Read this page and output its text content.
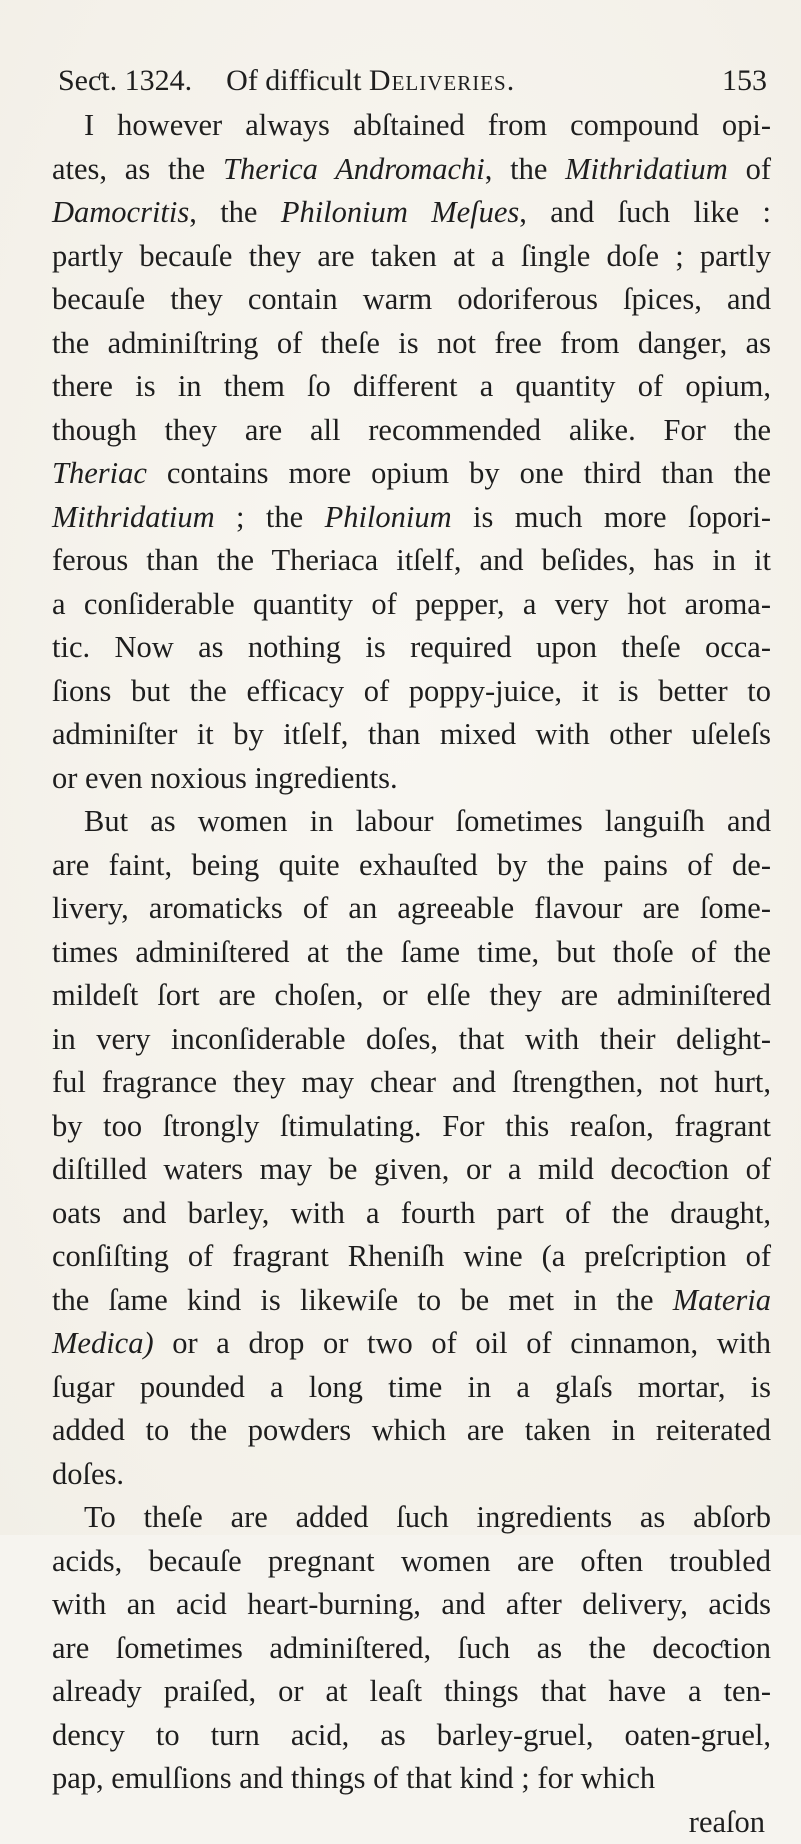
Seƈt. 1324. Of difficult Deliveries.	153
I however always abſtained from compound opi-
ates, as the Therica Andromachi, the Mithridatium of
Damocritis, the Philonium Meſues, and ſuch like :
partly becauſe they are taken at a ſingle doſe ; partly
becauſe they contain warm odoriferous ſpices, and
the adminiſtring of theſe is not free from danger, as
there is in them ſo different a quantity of opium,
though they are all recommended alike. For the
Theriac contains more opium by one third than the
Mithridatium ; the Philonium is much more ſopori-
ferous than the Theriaca itſelf, and beſides, has in it
a conſiderable quantity of pepper, a very hot aroma-
tic. Now as nothing is required upon theſe occa-
ſions but the efficacy of poppy-juice, it is better to
adminiſter it by itſelf, than mixed with other uſeleſs
or even noxious ingredients.
But as women in labour ſometimes languiſh and
are faint, being quite exhauſted by the pains of de-
livery, aromaticks of an agreeable flavour are ſome-
times adminiſtered at the ſame time, but thoſe of the
mildeſt ſort are choſen, or elſe they are adminiſtered
in very inconſiderable doſes, that with their delight-
ful fragrance they may chear and ſtrengthen, not hurt,
by too ſtrongly ſtimulating. For this reaſon, fragrant
diſtilled waters may be given, or a mild decoƈtion of
oats and barley, with a fourth part of the draught,
conſiſting of fragrant Rheniſh wine (a preſcription of
the ſame kind is likewiſe to be met in the Materia
Medica) or a drop or two of oil of cinnamon, with
ſugar pounded a long time in a glaſs mortar, is
added to the powders which are taken in reiterated
doſes.
To theſe are added ſuch ingredients as abſorb
acids, becauſe pregnant women are often troubled
with an acid heart-burning, and after delivery, acids
are ſometimes adminiſtered, ſuch as the decoƈtion
already praiſed, or at leaſt things that have a ten-
dency to turn acid, as barley-gruel, oaten-gruel,
pap, emulſions and things of that kind ; for which
reaſon
